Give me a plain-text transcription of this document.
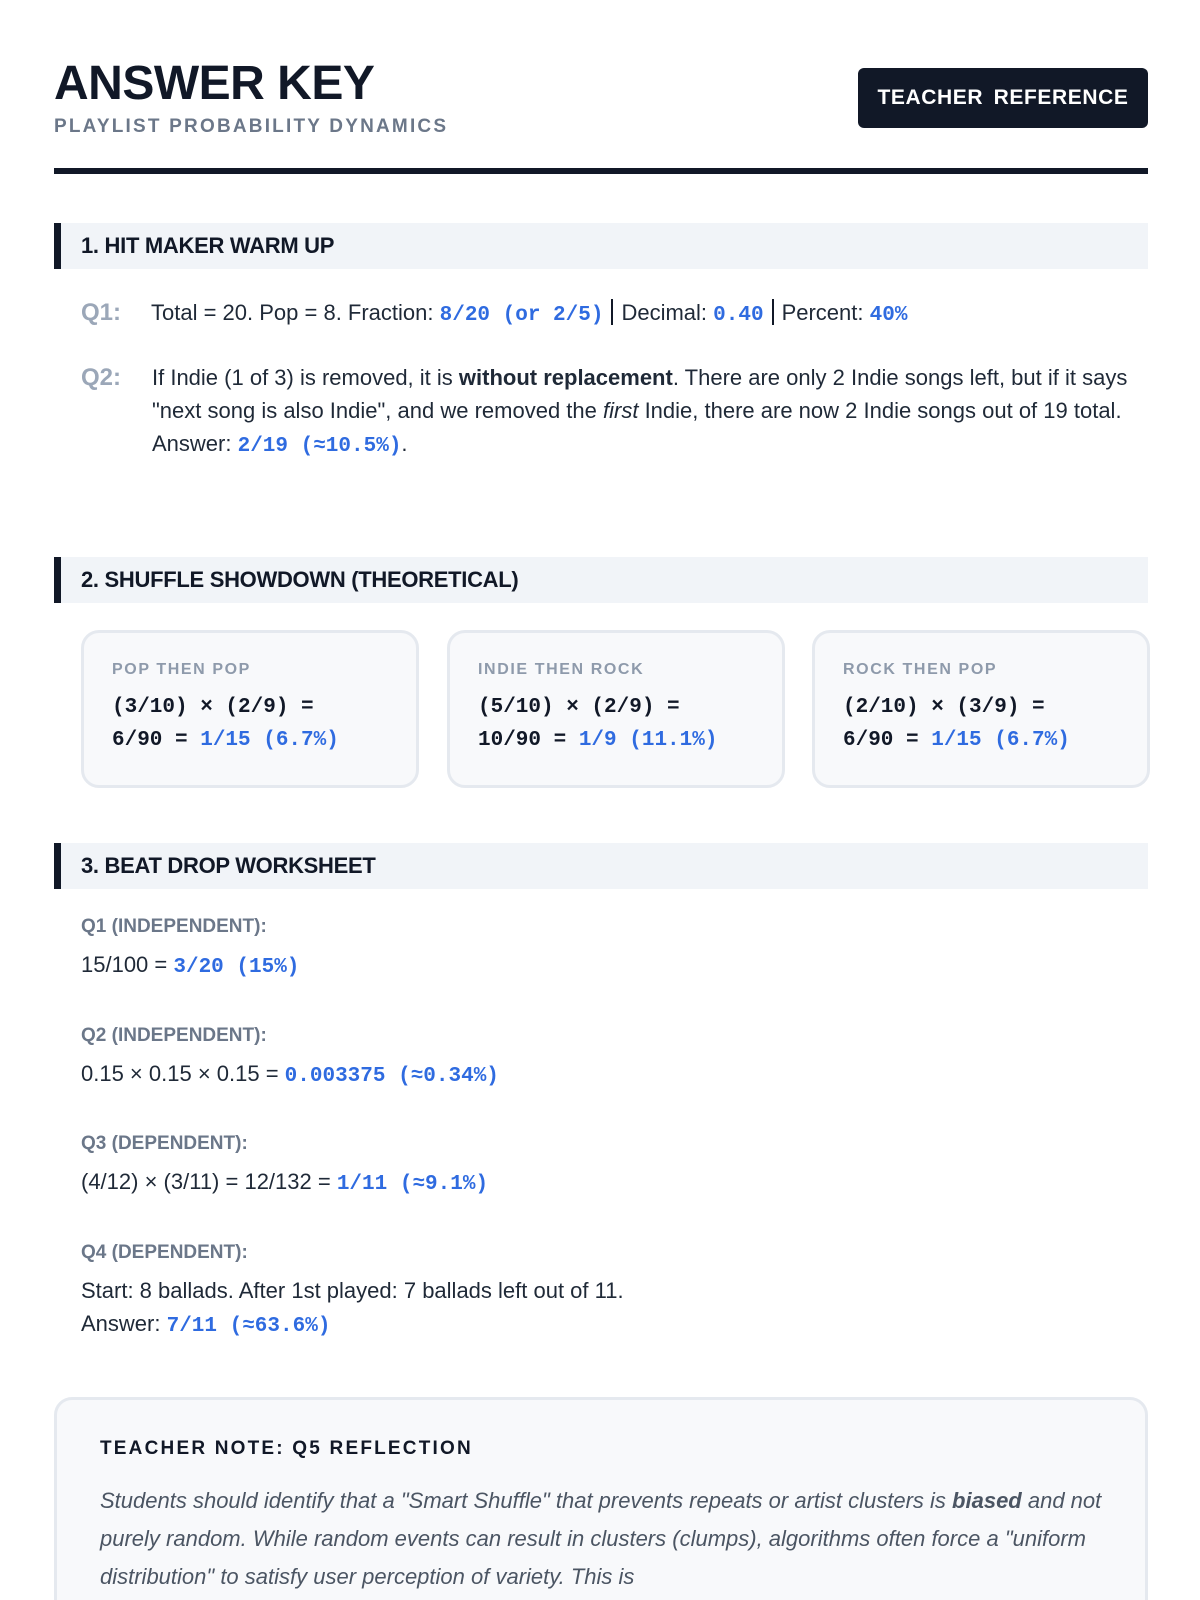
ANSWER KEY
PLAYLIST PROBABILITY DYNAMICS
TEACHER REFERENCE
1. HIT MAKER WARM UP
Q1:	Total = 20. Pop = 8. Fraction: 8/20 (or 2/5) Decimal: 0.40 Percent: 40%
Q2:	If Indie (1 of 3) is removed, it is without replacement. There are only 2 Indie songs left, but if it says "next song is also Indie", and we removed the first Indie, there are now 2 Indie songs out of 19 total.
Answer: 2/19 (≈10.5%).
2. SHUFFLE SHOWDOWN (THEORETICAL)
POP THEN POP
(3/10) × (2/9) =
6/90 = 1/15 (6.7%)
INDIE THEN ROCK
(5/10) × (2/9) =
10/90 = 1/9 (11.1%)
ROCK THEN POP
(2/10) × (3/9) =
6/90 = 1/15 (6.7%)
3. BEAT DROP WORKSHEET
Q1 (INDEPENDENT):
15/100 = 3/20 (15%)
Q2 (INDEPENDENT):
0.15 × 0.15 × 0.15 = 0.003375 (≈0.34%)
Q3 (DEPENDENT):
(4/12) × (3/11) = 12/132 = 1/11 (≈9.1%)
Q4 (DEPENDENT):
Start: 8 ballads. After 1st played: 7 ballads left out of 11.
Answer: 7/11 (≈63.6%)
TEACHER NOTE: Q5 REFLECTION
Students should identify that a "Smart Shuffle" that prevents repeats or artist clusters is biased and not purely random. While random events can result in clusters (clumps), algorithms often force a "uniform distribution" to satisfy user perception of variety. This is
